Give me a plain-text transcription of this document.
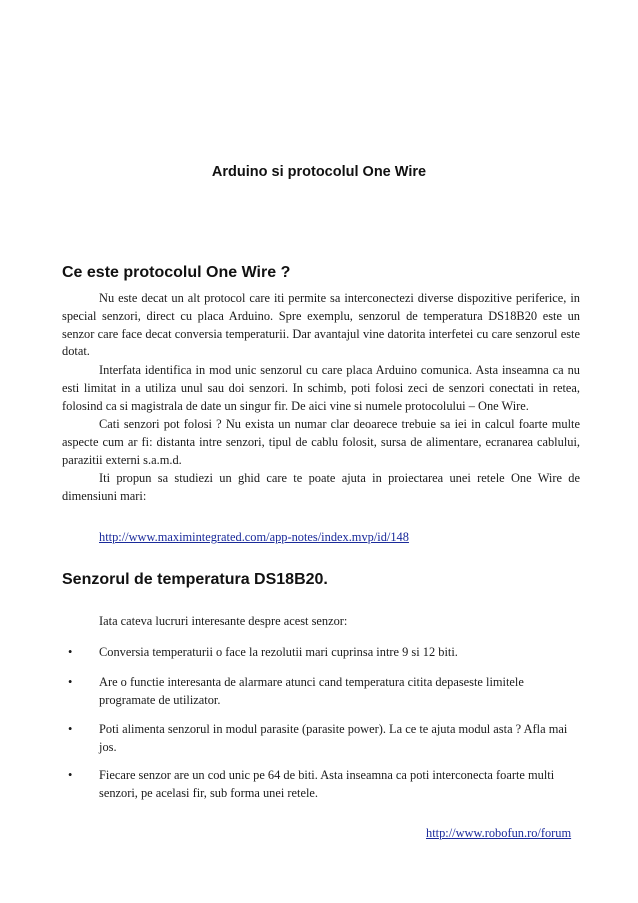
Arduino si protocolul One Wire
Ce este protocolul One Wire ?

Nu este decat un alt protocol care iti permite sa interconectezi diverse dispozitive periferice, in special senzori, direct cu placa Arduino. Spre exemplu, senzorul de temperatura DS18B20 este un senzor care face decat conversia temperaturii. Dar avantajul vine datorita interfetei cu care senzorul este dotat.

Interfata identifica in mod unic senzorul cu care placa Arduino comunica. Asta inseamna ca nu esti limitat in a utiliza unul sau doi senzori. In schimb, poti folosi zeci de senzori conectati in retea, folosind ca si magistrala de date un singur fir. De aici vine si numele protocolului – One Wire.

Cati senzori pot folosi ? Nu exista un numar clar deoarece trebuie sa iei in calcul foarte multe aspecte cum ar fi: distanta intre senzori, tipul de cablu folosit, sursa de alimentare, ecranarea cablului, parazitii externi s.a.m.d.

Iti propun sa studiezi un ghid care te poate ajuta in proiectarea unei retele One Wire de dimensiuni mari:

http://www.maximintegrated.com/app-notes/index.mvp/id/148
Senzorul de temperatura DS18B20.
Iata cateva lucruri interesante despre acest senzor:
• Conversia temperaturii o face la rezolutii mari cuprinsa intre 9 si 12 biti.
• Are o functie interesanta de alarmare atunci cand temperatura citita depaseste limitele programate de utilizator.
• Poti alimenta senzorul in modul parasite (parasite power). La ce te ajuta modul asta ? Afla mai jos.
• Fiecare senzor are un cod unic pe 64 de biti. Asta inseamna ca poti interconecta foarte multi senzori, pe acelasi fir, sub forma unei retele.
http://www.robofun.ro/forum
